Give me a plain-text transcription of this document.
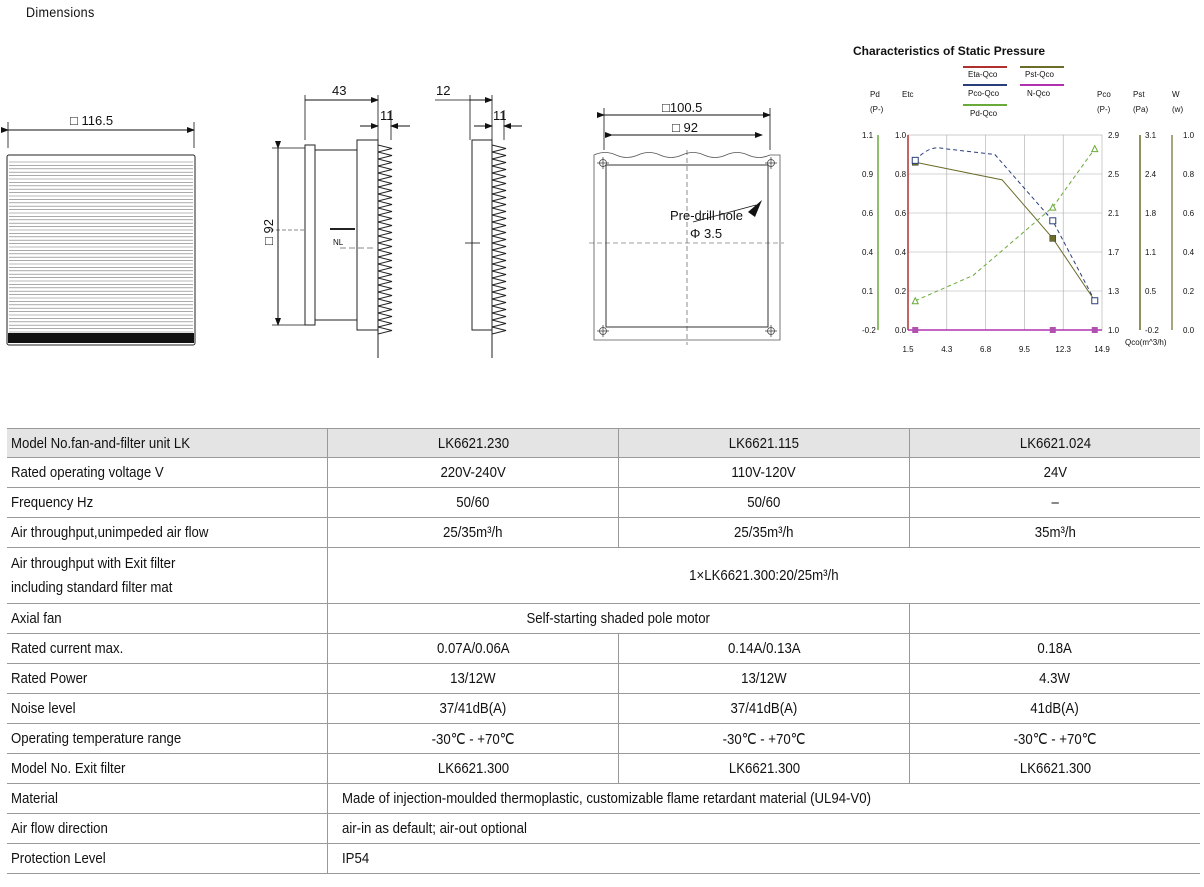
Dimensions
□ 116.5
43
11
□ 92
NL
12
11
□100.5
□ 92
Pre-drill hole
Φ 3.5
Characteristics of Static Pressure
Eta-Qco	Pst-Qco
Pco-Qco	N-Qco
Pd-Qco
Pd
(P-)
Etc	Pco
(P-)
Pst
(Pa)
W
(w)
1.1
0.9
0.6
0.4
0.1
-0.2
1.0
0.8
0.6
0.4
0.2
0.0
2.9
2.5
2.1
1.7
1.3
1.0
3.1
2.4
1.8
1.1
0.5
-0.2
1.0
0.8
0.6
0.4
0.2
0.0
1.5	4.3	6.8	9.5	12.3	14.9
Qco(m^3/h)
Model No.fan-and-filter unit LK	LK6621.230	LK6621.115	LK6621.024
Rated operating voltage V	220V-240V	110V-120V	24V
Frequency Hz	50/60	50/60	–
Air throughput,unimpeded air flow	25/35m³/h	25/35m³/h	35m³/h
Air throughput with Exit filter
including standard filter mat	1×LK6621.300:20/25m³/h		
Axial fan	Self-starting shaded pole motor		
Rated current max.	0.07A/0.06A	0.14A/0.13A	0.18A
Rated Power	13/12W	13/12W	4.3W
Noise level	37/41dB(A)	37/41dB(A)	41dB(A)
Operating temperature range	-30℃ - +70℃	-30℃ - +70℃	-30℃ - +70℃
Model No. Exit filter	LK6621.300	LK6621.300	LK6621.300
Material	Made of injection-moulded thermoplastic, customizable flame retardant material (UL94-V0)		
Air flow direction	air-in as default; air-out optional		
Protection Level	IP54		
